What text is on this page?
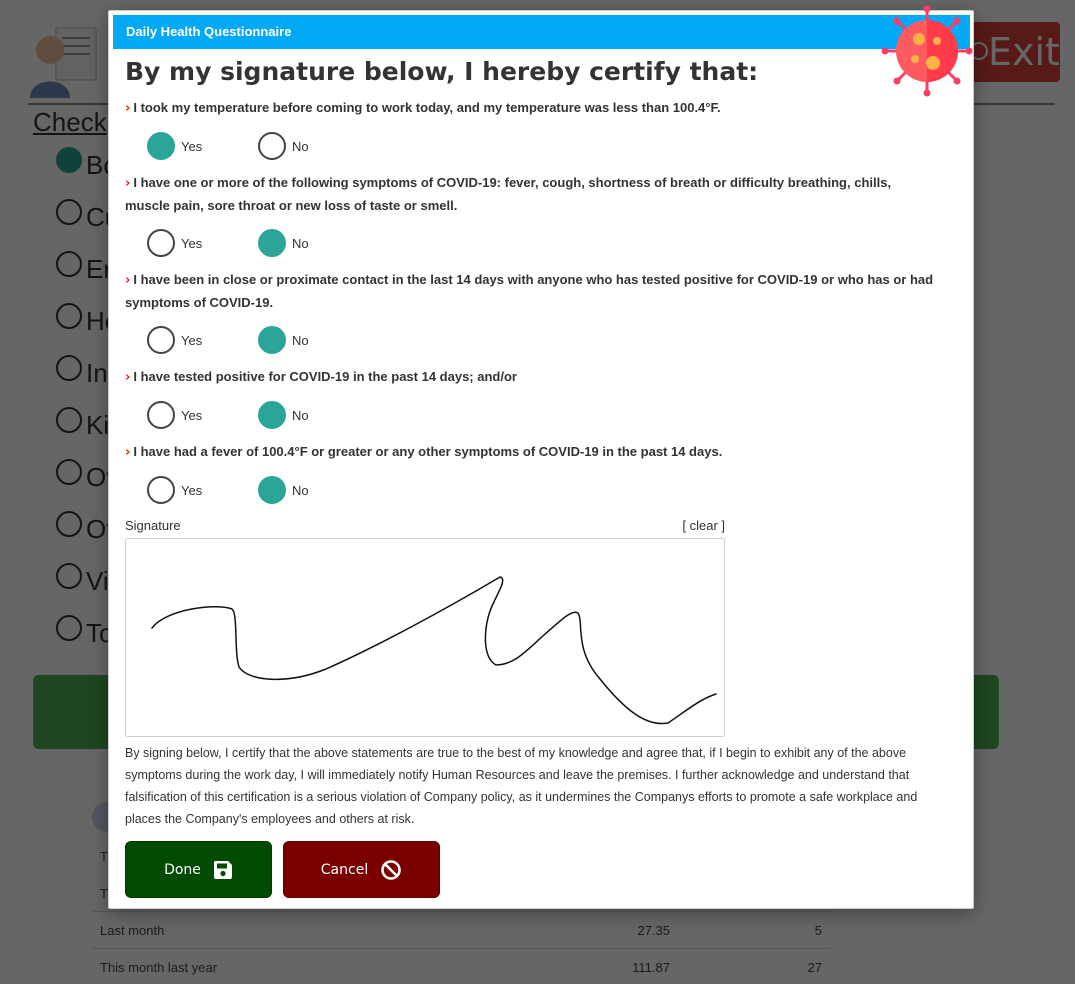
Daily Health Questionnaire
By my signature below, I hereby certify that:
› I took my temperature before coming to work today, and my temperature was less than 100.4°F.
Yes	No
› I have one or more of the following symptoms of COVID-19: fever, cough, shortness of breath or difficulty breathing, chills, muscle pain, sore throat or new loss of taste or smell.
Yes	No
› I have been in close or proximate contact in the last 14 days with anyone who has tested positive for COVID-19 or who has or had symptoms of COVID-19.
Yes	No
› I have tested positive for COVID-19 in the past 14 days; and/or
Yes	No
› I have had a fever of 100.4°F or greater or any other symptoms of COVID-19 in the past 14 days.
Yes	No
Signature	[ clear ]
By signing below, I certify that the above statements are true to the best of my knowledge and agree that, if I begin to exhibit any of the above symptoms during the work day, I will immediately notify Human Resources and leave the premises. I further acknowledge and understand that falsification of this certification is a serious violation of Company policy, as it undermines the Companys efforts to promote a safe workplace and places the Company's employees and others at risk.
Done	Cancel
